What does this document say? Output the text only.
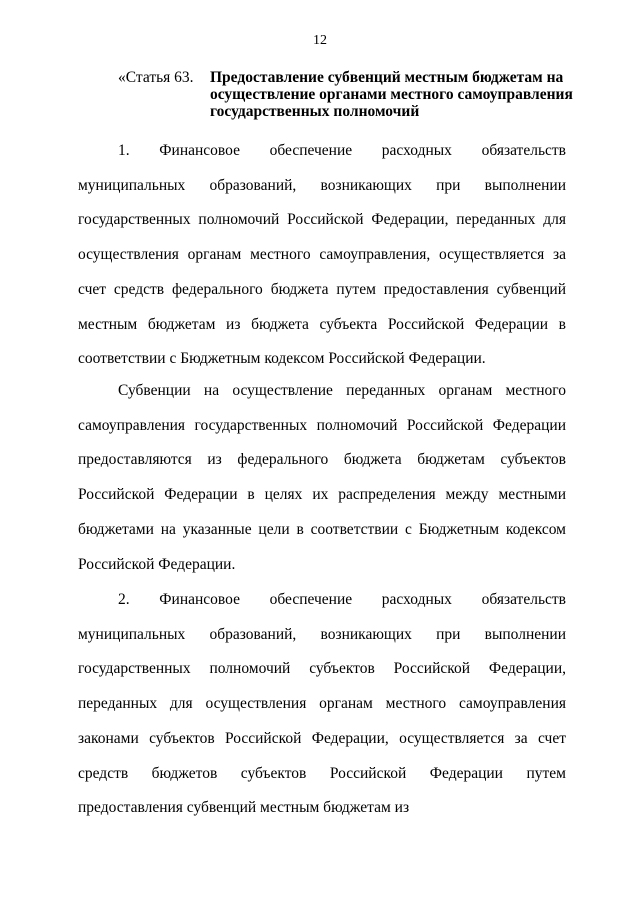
12
«Статья 63. Предоставление субвенций местным бюджетам на осуществление органами местного самоуправления государственных полномочий

1. Финансовое обеспечение расходных обязательств муниципальных образований, возникающих при выполнении государственных полномочий Российской Федерации, переданных для осуществления органам местного самоуправления, осуществляется за счет средств федерального бюджета путем предоставления субвенций местным бюджетам из бюджета субъекта Российской Федерации в соответствии с Бюджетным кодексом Российской Федерации.

Субвенции на осуществление переданных органам местного самоуправления государственных полномочий Российской Федерации предоставляются из федерального бюджета бюджетам субъектов Российской Федерации в целях их распределения между местными бюджетами на указанные цели в соответствии с Бюджетным кодексом Российской Федерации.

2. Финансовое обеспечение расходных обязательств муниципальных образований, возникающих при выполнении государственных полномочий субъектов Российской Федерации, переданных для осуществления органам местного самоуправления законами субъектов Российской Федерации, осуществляется за счет средств бюджетов субъектов Российской Федерации путем предоставления субвенций местным бюджетам из
